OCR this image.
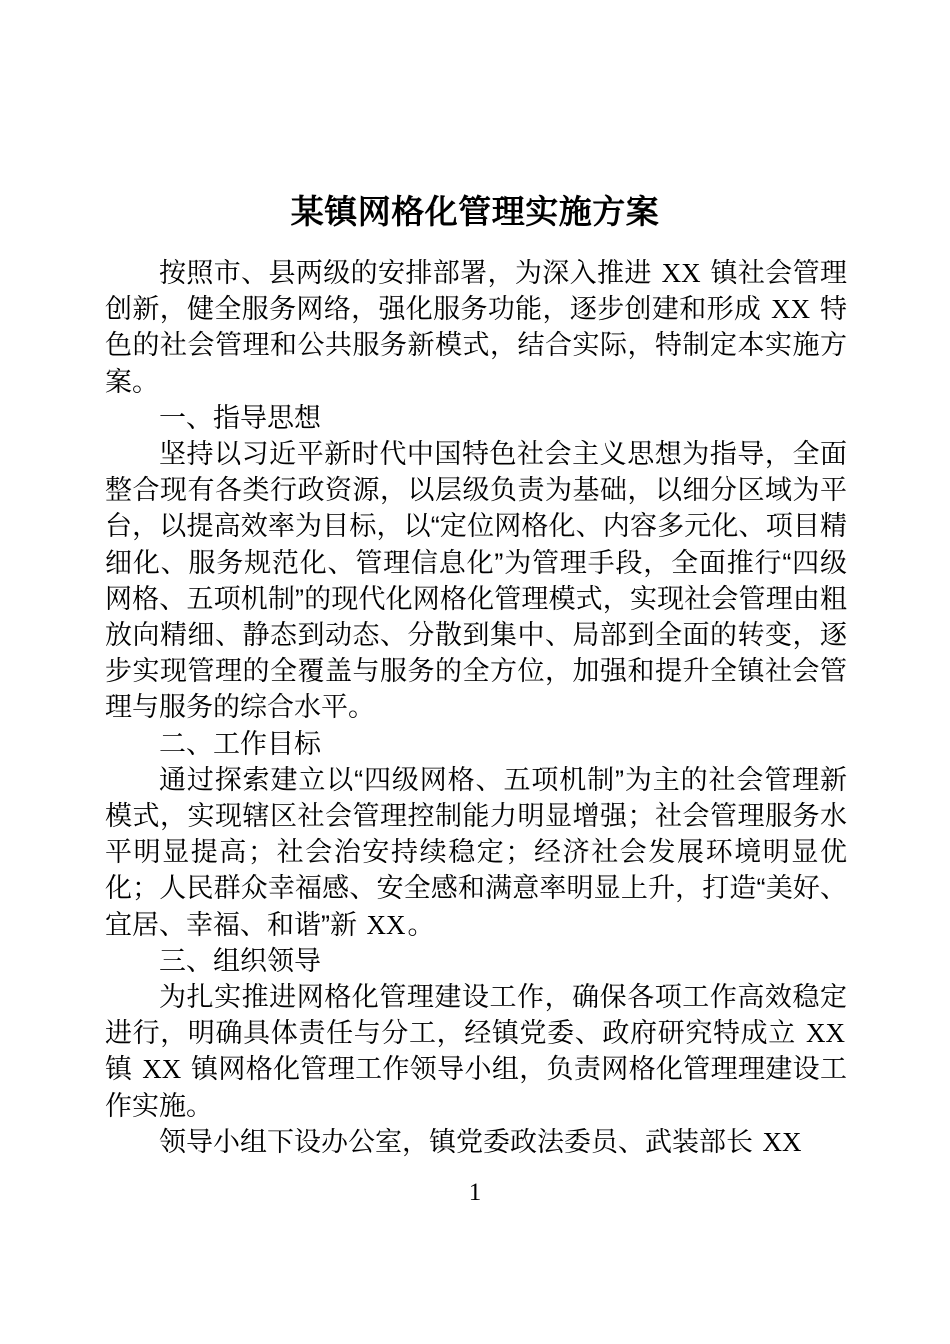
某镇网格化管理实施方案

按照市、县两级的安排部署，为深入推进 XX 镇社会管理创新，健全服务网络，强化服务功能，逐步创建和形成 XX 特色的社会管理和公共服务新模式，结合实际，特制定本实施方案。

一、指导思想

坚持以习近平新时代中国特色社会主义思想为指导，全面整合现有各类行政资源，以层级负责为基础，以细分区域为平台，以提高效率为目标，以“定位网格化、内容多元化、项目精细化、服务规范化、管理信息化”为管理手段，全面推行“四级网格、五项机制”的现代化网格化管理模式，实现社会管理由粗放向精细、静态到动态、分散到集中、局部到全面的转变，逐步实现管理的全覆盖与服务的全方位，加强和提升全镇社会管理与服务的综合水平。

二、工作目标

通过探索建立以“四级网格、五项机制”为主的社会管理新模式，实现辖区社会管理控制能力明显增强；社会管理服务水平明显提高；社会治安持续稳定；经济社会发展环境明显优化；人民群众幸福感、安全感和满意率明显上升，打造“美好、宜居、幸福、和谐”新 XX。

三、组织领导

为扎实推进网格化管理建设工作，确保各项工作高效稳定进行，明确具体责任与分工，经镇党委、政府研究特成立 XX 镇 XX 镇网格化管理工作领导小组，负责网格化管理理建设工作实施。

领导小组下设办公室，镇党委政法委员、武装部长 XX

1
